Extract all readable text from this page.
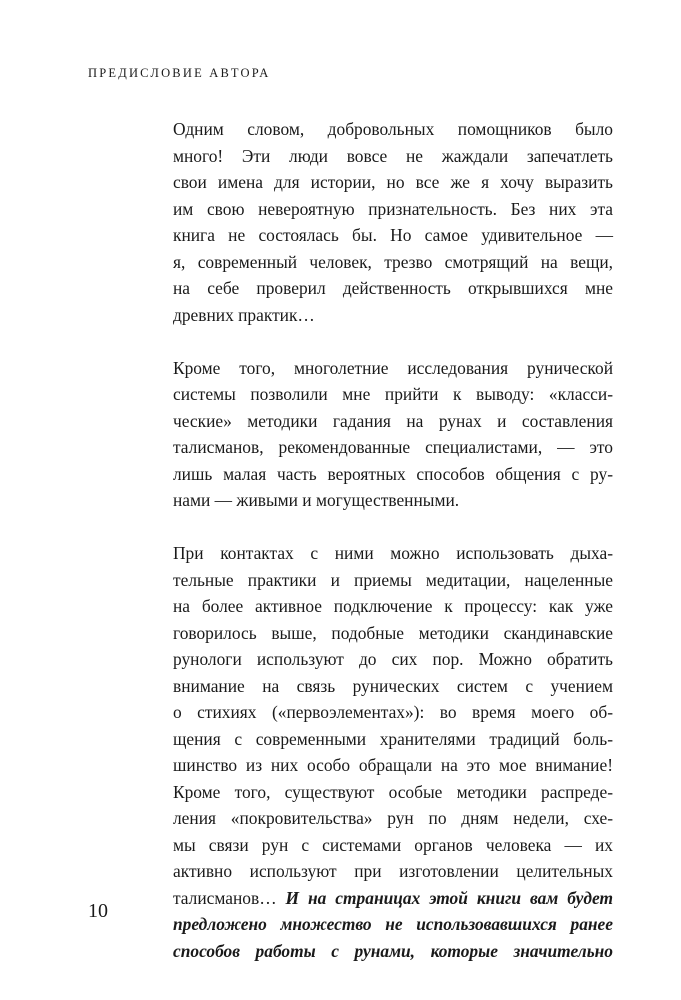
ПРЕДИСЛОВИЕ АВТОРА
Одним словом, добровольных помощников было
много! Эти люди вовсе не жаждали запечатлеть
свои имена для истории, но все же я хочу выразить
им свою невероятную признательность. Без них эта
книга не состоялась бы. Но самое удивительное —
я, современный человек, трезво смотрящий на вещи,
на себе проверил действенность открывшихся мне
древних практик…
Кроме того, многолетние исследования рунической
системы позволили мне прийти к выводу: «класси-
ческие» методики гадания на рунах и составления
талисманов, рекомендованные специалистами, — это
лишь малая часть вероятных способов общения с ру-
нами — живыми и могущественными.
При контактах с ними можно использовать дыха-
тельные практики и приемы медитации, нацеленные
на более активное подключение к процессу: как уже
говорилось выше, подобные методики скандинавские
рунологи используют до сих пор. Можно обратить
внимание на связь рунических систем с учением
о стихиях («первоэлементах»): во время моего об-
щения с современными хранителями традиций боль-
шинство из них особо обращали на это мое внимание!
Кроме того, существуют особые методики распреде-
ления «покровительства» рун по дням недели, схе-
мы связи рун с системами органов человека — их
активно используют при изготовлении целительных
талисманов… И на страницах этой книги вам будет
предложено множество не использовавшихся ранее
способов работы с рунами, которые значительно
10
